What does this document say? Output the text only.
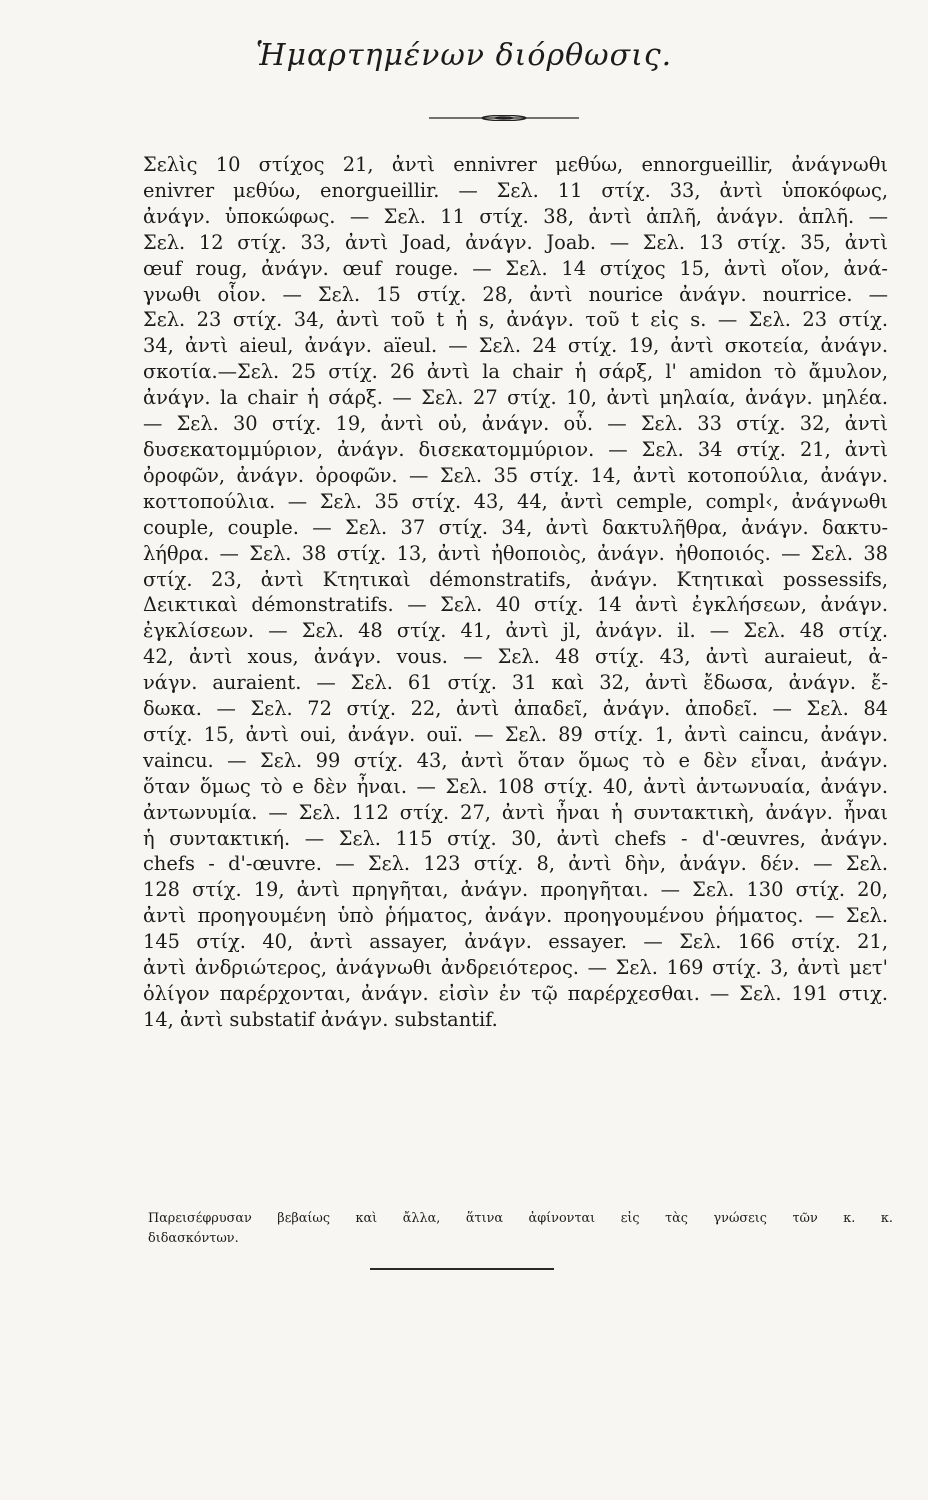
Ἡμαρτημένων διόρθωσις.
Σελὶς 10 στίχος 21, ἀντὶ ennivrer μεθύω, ennorgueillir, ἀνάγνωθι
enivrer μεθύω, enorgueillir. — Σελ. 11 στίχ. 33, ἀντὶ ὑποκόφως,
ἀνάγν. ὑποκώφως. — Σελ. 11 στίχ. 38, ἀντὶ ἀπλῆ, ἀνάγν. ἁπλῆ. —
Σελ. 12 στίχ. 33, ἀντὶ Joad, ἀνάγν. Joab. — Σελ. 13 στίχ. 35, ἀντὶ
œuf roug, ἀνάγν. œuf rouge. — Σελ. 14 στίχος 15, ἀντὶ οἴον, ἀνά-
γνωθι οἷον. — Σελ. 15 στίχ. 28, ἀντὶ nourice ἀνάγν. nourrice. —
Σελ. 23 στίχ. 34, ἀντὶ τοῦ t ἡ s, ἀνάγν. τοῦ t εἰς s. — Σελ. 23 στίχ.
34, ἀντὶ aieul, ἀνάγν. aïeul. — Σελ. 24 στίχ. 19, ἀντὶ σκοτεία, ἀνάγν.
σκοτία.—Σελ. 25 στίχ. 26 ἀντὶ la chair ἡ σάρξ, l' amidon τὸ ἄμυλον,
ἀνάγν. la chair ἡ σάρξ. — Σελ. 27 στίχ. 10, ἀντὶ μηλαία, ἀνάγν. μηλέα.
— Σελ. 30 στίχ. 19, ἀντὶ οὐ, ἀνάγν. οὗ. — Σελ. 33 στίχ. 32, ἀντὶ
δυσεκατομμύριον, ἀνάγν. δισεκατομμύριον. — Σελ. 34 στίχ. 21, ἀντὶ
ὀροφῶν, ἀνάγν. ὀροφῶν. — Σελ. 35 στίχ. 14, ἀντὶ κοτοπούλια, ἀνάγν.
κοττοπούλια. — Σελ. 35 στίχ. 43, 44, ἀντὶ cemple, compl‹, ἀνάγνωθι
couple, couple. — Σελ. 37 στίχ. 34, ἀντὶ δακτυλῆθρα, ἀνάγν. δακτυ-
λήθρα. — Σελ. 38 στίχ. 13, ἀντὶ ἠθοποιὸς, ἀνάγν. ἠθοποιός. — Σελ. 38
στίχ. 23, ἀντὶ Κτητικαὶ démonstratifs, ἀνάγν. Κτητικαὶ possessifs,
Δεικτικαὶ démonstratifs. — Σελ. 40 στίχ. 14 ἀντὶ ἐγκλήσεων, ἀνάγν.
ἐγκλίσεων. — Σελ. 48 στίχ. 41, ἀντὶ jl, ἀνάγν. il. — Σελ. 48 στίχ.
42, ἀντὶ xous, ἀνάγν. vous. — Σελ. 48 στίχ. 43, ἀντὶ auraieut, ἀ-
νάγν. auraient. — Σελ. 61 στίχ. 31 καὶ 32, ἀντὶ ἔδωσα, ἀνάγν. ἔ-
δωκα. — Σελ. 72 στίχ. 22, ἀντὶ ἀπαδεῖ, ἀνάγν. ἀποδεῖ. — Σελ. 84
στίχ. 15, ἀντὶ oui, ἀνάγν. ouï. — Σελ. 89 στίχ. 1, ἀντὶ caincu, ἀνάγν.
vaincu. — Σελ. 99 στίχ. 43, ἀντὶ ὅταν ὅμως τὸ e δὲν εἶναι, ἀνάγν.
ὅταν ὅμως τὸ e δὲν ἦναι. — Σελ. 108 στίχ. 40, ἀντὶ ἀντωνυαία, ἀνάγν.
ἀντωνυμία. — Σελ. 112 στίχ. 27, ἀντὶ ἦναι ἡ συντακτικὴ, ἀνάγν. ἦναι
ἡ συντακτική. — Σελ. 115 στίχ. 30, ἀντὶ chefs - d'-œuvres, ἀνάγν.
chefs - d'-œuvre. — Σελ. 123 στίχ. 8, ἀντὶ δὴν, ἀνάγν. δέν. — Σελ.
128 στίχ. 19, ἀντὶ πρηγῆται, ἀνάγν. προηγῆται. — Σελ. 130 στίχ. 20,
ἀντὶ προηγουμένη ὑπὸ ῥήματος, ἀνάγν. προηγουμένου ῥήματος. — Σελ.
145 στίχ. 40, ἀντὶ assayer, ἀνάγν. essayer. — Σελ. 166 στίχ. 21,
ἀντὶ ἀνδριώτερος, ἀνάγνωθι ἀνδρειότερος. — Σελ. 169 στίχ. 3, ἀντὶ μετ'
ὀλίγον παρέρχονται, ἀνάγν. εἰσὶν ἐν τῷ παρέρχεσθαι. — Σελ. 191 στιχ.
14, ἀντὶ substatif ἀνάγν. substantif.
Παρεισέφρυσαν βεβαίως καὶ ἄλλα, ἅτινα ἀφίνονται εἰς τὰς γνώσεις τῶν κ. κ.
διδασκόντων.
